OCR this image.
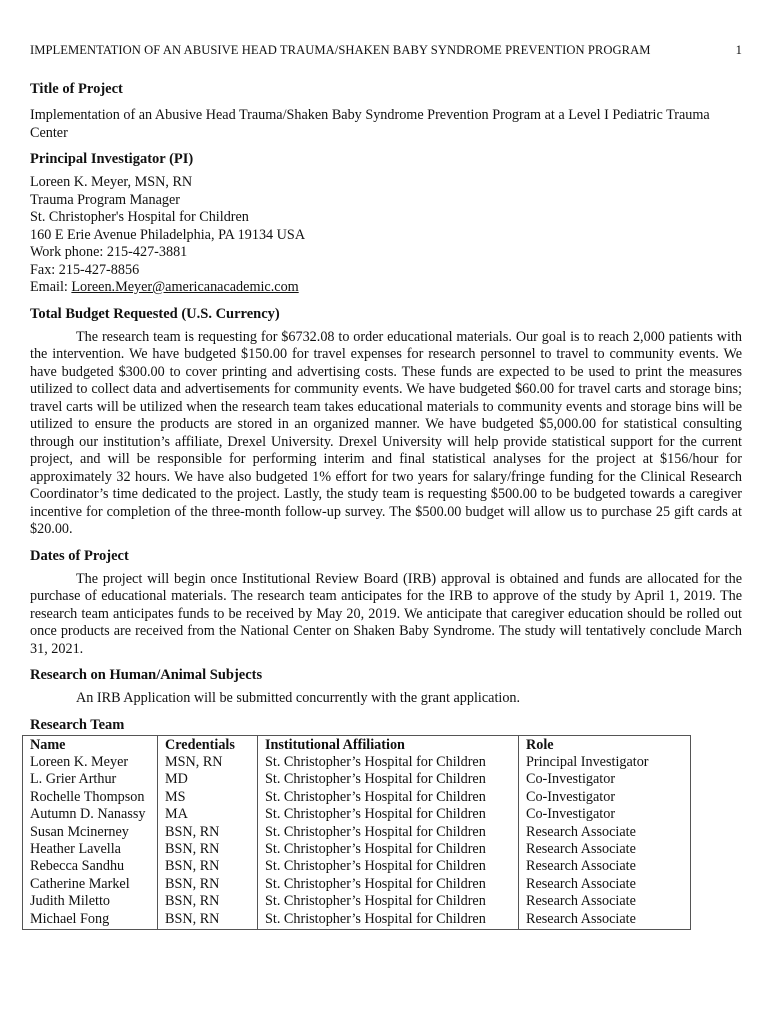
IMPLEMENTATION OF AN ABUSIVE HEAD TRAUMA/SHAKEN BABY SYNDROME PREVENTION PROGRAM	1
Title of Project

Implementation of an Abusive Head Trauma/Shaken Baby Syndrome Prevention Program at a Level I Pediatric Trauma Center

Principal Investigator (PI)
Loreen K. Meyer, MSN, RN
Trauma Program Manager
St. Christopher's Hospital for Children
160 E Erie Avenue Philadelphia, PA 19134 USA
Work phone: 215-427-3881
Fax: 215-427-8856
Email: Loreen.Meyer@americanacademic.com
Total Budget Requested (U.S. Currency)

The research team is requesting for $6732.08 to order educational materials. Our goal is to reach 2,000 patients with the intervention. We have budgeted $150.00 for travel expenses for research personnel to travel to community events. We have budgeted $300.00 to cover printing and advertising costs. These funds are expected to be used to print the measures utilized to collect data and advertisements for community events. We have budgeted $60.00 for travel carts and storage bins; travel carts will be utilized when the research team takes educational materials to community events and storage bins will be utilized to ensure the products are stored in an organized manner. We have budgeted $5,000.00 for statistical consulting through our institution’s affiliate, Drexel University. Drexel University will help provide statistical support for the current project, and will be responsible for performing interim and final statistical analyses for the project at $156/hour for approximately 32 hours. We have also budgeted 1% effort for two years for salary/fringe funding for the Clinical Research Coordinator’s time dedicated to the project. Lastly, the study team is requesting $500.00 to be budgeted towards a caregiver incentive for completion of the three-month follow-up survey. The $500.00 budget will allow us to purchase 25 gift cards at $20.00.

Dates of Project

The project will begin once Institutional Review Board (IRB) approval is obtained and funds are allocated for the purchase of educational materials. The research team anticipates for the IRB to approve of the study by April 1, 2019. The research team anticipates funds to be received by May 20, 2019. We anticipate that caregiver education should be rolled out once products are received from the National Center on Shaken Baby Syndrome. The study will tentatively conclude March 31, 2021.

Research on Human/Animal Subjects

An IRB Application will be submitted concurrently with the grant application.

Research Team
Name	Credentials	Institutional Affiliation	Role
Loreen K. Meyer	MSN, RN	St. Christopher’s Hospital for Children	Principal Investigator
L. Grier Arthur	MD	St. Christopher’s Hospital for Children	Co-Investigator
Rochelle Thompson	MS	St. Christopher’s Hospital for Children	Co-Investigator
Autumn D. Nanassy	MA	St. Christopher’s Hospital for Children	Co-Investigator
Susan Mcinerney	BSN, RN	St. Christopher’s Hospital for Children	Research Associate
Heather Lavella	BSN, RN	St. Christopher’s Hospital for Children	Research Associate
Rebecca Sandhu	BSN, RN	St. Christopher’s Hospital for Children	Research Associate
Catherine Markel	BSN, RN	St. Christopher’s Hospital for Children	Research Associate
Judith Miletto	BSN, RN	St. Christopher’s Hospital for Children	Research Associate
Michael Fong	BSN, RN	St. Christopher’s Hospital for Children	Research Associate
